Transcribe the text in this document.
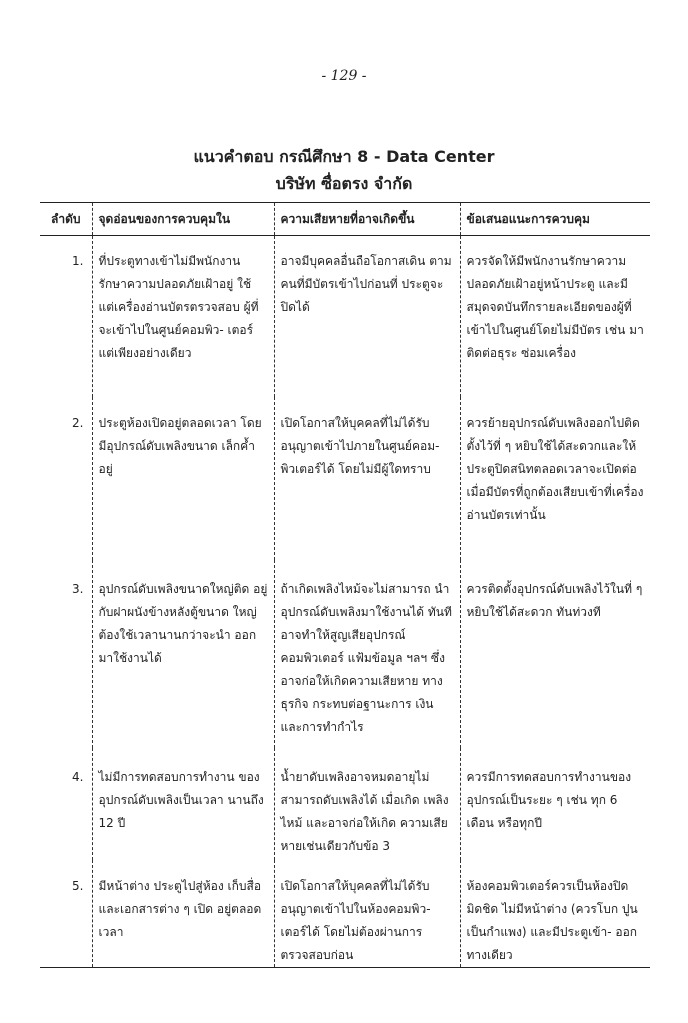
- 129 -
แนวคำตอบ กรณีศึกษา 8 - Data Center
บริษัท ซื่อตรง จำกัด
ลำดับ	จุดอ่อนของการควบคุมใน	ความเสียหายที่อาจเกิดขึ้น	ข้อเสนอแนะการควบคุม
1.	ที่ประตูทางเข้าไม่มีพนักงาน รักษาความปลอดภัยเฝ้าอยู่ ใช้ แต่เครื่องอ่านบัตรตรวจสอบ ผู้ที่จะเข้าไปในศูนย์คอมพิว- เตอร์แต่เพียงอย่างเดียว	อาจมีบุคคลอื่นถือโอกาสเดิน ตามคนที่มีบัตรเข้าไปก่อนที่ ประตูจะปิดได้	ควรจัดให้มีพนักงานรักษาความ ปลอดภัยเฝ้าอยู่หน้าประตู และมี สมุดจดบันทึกรายละเอียดของผู้ที่ เข้าไปในศูนย์โดยไม่มีบัตร เช่น มา ติดต่อธุระ ซ่อมเครื่อง
2.	ประตูห้องเปิดอยู่ตลอดเวลา โดยมีอุปกรณ์ดับเพลิงขนาด เล็กค้ำอยู่	เปิดโอกาสให้บุคคลที่ไม่ได้รับ อนุญาตเข้าไปภายในศูนย์คอม- พิวเตอร์ได้ โดยไม่มีผู้ใดทราบ	ควรย้ายอุปกรณ์ดับเพลิงออกไปติด ตั้งไว้ที่ ๆ หยิบใช้ได้สะดวกและให้ ประตูปิดสนิทตลอดเวลาจะเปิดต่อ เมื่อมีบัตรที่ถูกต้องเสียบเข้าที่เครื่อง อ่านบัตรเท่านั้น
3.	อุปกรณ์ดับเพลิงขนาดใหญ่ติด อยู่กับฝาผนังข้างหลังตู้ขนาด ใหญ่ต้องใช้เวลานานกว่าจะนำ ออกมาใช้งานได้	ถ้าเกิดเพลิงไหม้จะไม่สามารถ นำอุปกรณ์ดับเพลิงมาใช้งานได้ ทันที อาจทำให้สูญเสียอุปกรณ์ คอมพิวเตอร์ แฟ้มข้อมูล ฯลฯ ซึ่งอาจก่อให้เกิดความเสียหาย ทางธุรกิจ กระทบต่อฐานะการ เงินและการทำกำไร	ควรติดตั้งอุปกรณ์ดับเพลิงไว้ในที่ ๆ หยิบใช้ได้สะดวก ทันท่วงที
4.	ไม่มีการทดสอบการทำงาน ของอุปกรณ์ดับเพลิงเป็นเวลา นานถึง 12 ปี	น้ำยาดับเพลิงอาจหมดอายุไม่ สามารถดับเพลิงได้ เมื่อเกิด เพลิงไหม้ และอาจก่อให้เกิด ความเสียหายเช่นเดียวกับข้อ 3	ควรมีการทดสอบการทำงานของ อุปกรณ์เป็นระยะ ๆ เช่น ทุก 6 เดือน หรือทุกปี
5.	มีหน้าต่าง ประตูไปสู่ห้อง เก็บสื่อและเอกสารต่าง ๆ เปิด อยู่ตลอดเวลา	เปิดโอกาสให้บุคคลที่ไม่ได้รับ อนุญาตเข้าไปในห้องคอมพิว- เตอร์ได้ โดยไม่ต้องผ่านการ ตรวจสอบก่อน	ห้องคอมพิวเตอร์ควรเป็นห้องปิด มิดชิด ไม่มีหน้าต่าง (ควรโบก ปูนเป็นกำแพง) และมีประตูเข้า- ออกทางเดียว
